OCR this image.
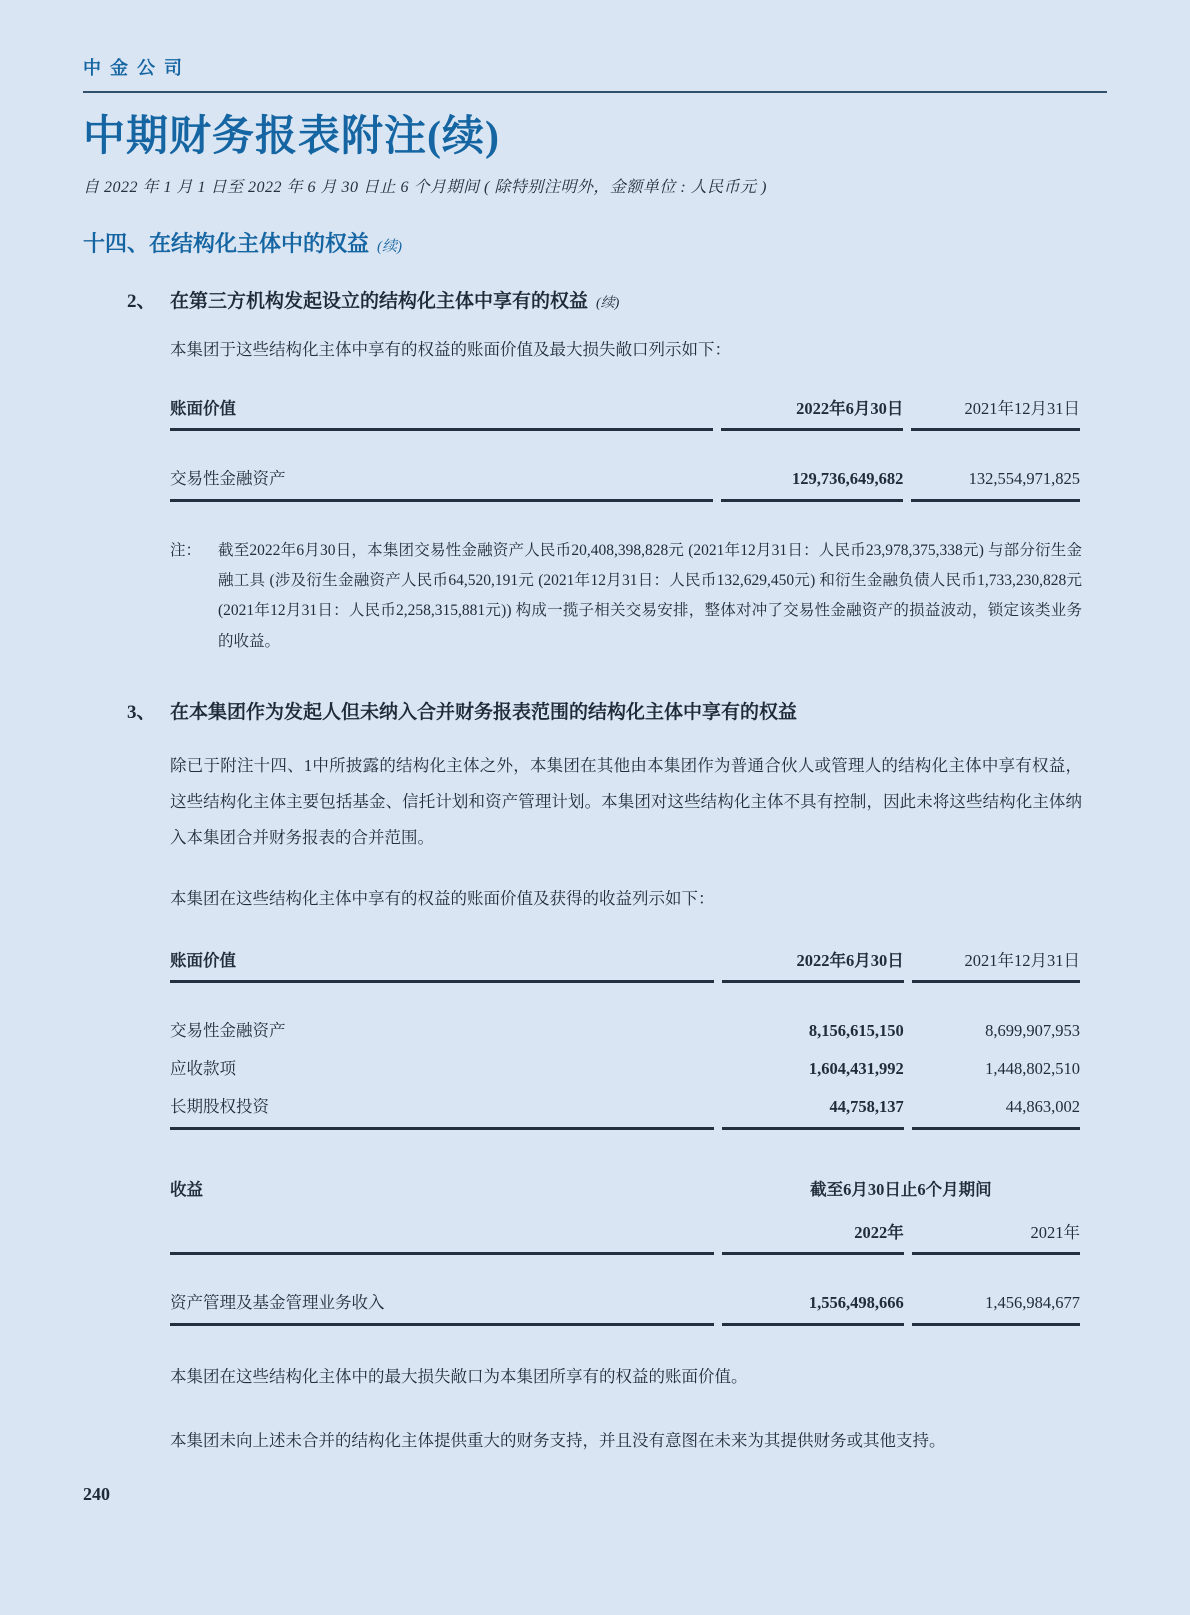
中金公司
中期财务报表附注(续)
自 2022 年 1 月 1 日至 2022 年 6 月 30 日止 6 个月期间 ( 除特别注明外，金额单位 : 人民币元 )
十四、在结构化主体中的权益 (续)
2、 在第三方机构发起设立的结构化主体中享有的权益 (续)
本集团于这些结构化主体中享有的权益的账面价值及最大损失敞口列示如下：
账面价值	2022年6月30日	2021年12月31日

交易性金融资产	129,736,649,682	132,554,971,825
注：	截至2022年6月30日，本集团交易性金融资产人民币20,408,398,828元 (2021年12月31日：人民币23,978,375,338元) 与部分衍生金融工具 (涉及衍生金融资产人民币64,520,191元 (2021年12月31日：人民币132,629,450元) 和衍生金融负债人民币1,733,230,828元 (2021年12月31日：人民币2,258,315,881元)) 构成一揽子相关交易安排，整体对冲了交易性金融资产的损益波动，锁定该类业务的收益。
3、 在本集团作为发起人但未纳入合并财务报表范围的结构化主体中享有的权益
除已于附注十四、1中所披露的结构化主体之外，本集团在其他由本集团作为普通合伙人或管理人的结构化主体中享有权益，这些结构化主体主要包括基金、信托计划和资产管理计划。本集团对这些结构化主体不具有控制，因此未将这些结构化主体纳入本集团合并财务报表的合并范围。
本集团在这些结构化主体中享有的权益的账面价值及获得的收益列示如下：
账面价值	2022年6月30日	2021年12月31日

交易性金融资产	8,156,615,150	8,699,907,953
应收款项	1,604,431,992	1,448,802,510
长期股权投资	44,758,137	44,863,002
收益	截至6月30日止6个月期间	
	2022年	2021年

资产管理及基金管理业务收入	1,556,498,666	1,456,984,677
本集团在这些结构化主体中的最大损失敞口为本集团所享有的权益的账面价值。
本集团未向上述未合并的结构化主体提供重大的财务支持，并且没有意图在未来为其提供财务或其他支持。
240
